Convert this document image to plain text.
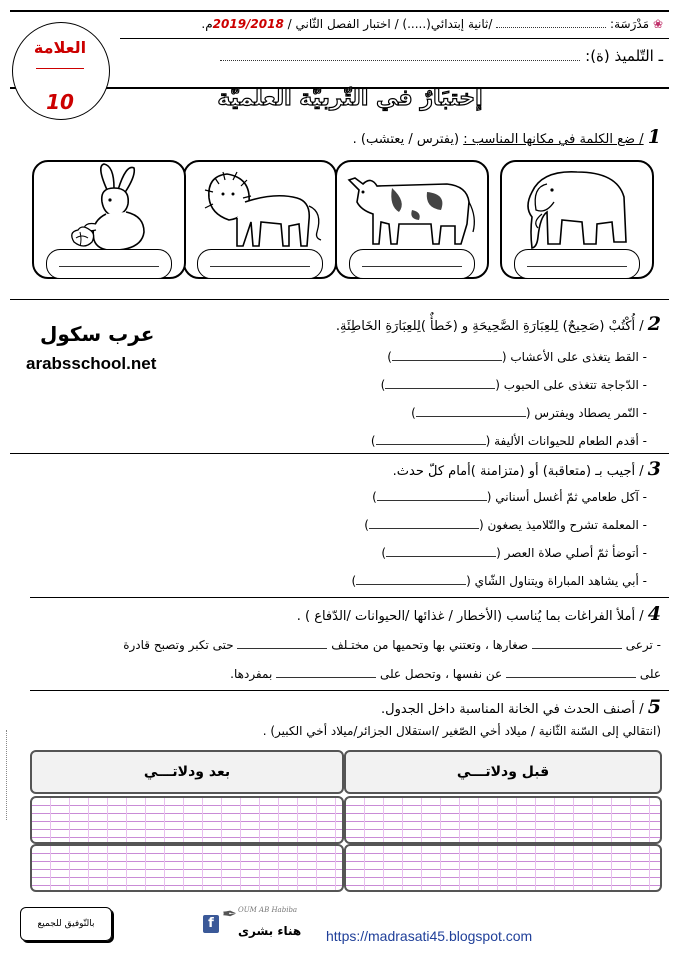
❀ مَدْرَسَة:  /ثانية إبتدائي(.....) / اختبار الفصل الثّاني / 2019/2018م.
ـ التّلميذ (ة):
العلامة
10	إختبَارٌ في التّربيّة العلميّة
1 / ضع الكلمة في مكانها المناسب : (يفترس / يعتشب) .
2 / أُكْتُبْ (صَحِيحٌ) لِلعِبَارَةِ الصَّحِيحَةِ و (خَطأٌ )لِلعِبَارَةِ الخَاطِئَةِ.
عرب سكول
arabsschool.net	- القط يتغذى على الأعشاب ()
- الدّجاجة تتغذى على الحبوب ()
- النّمر يصطاد ويفترس ()
- أقدم الطعام للحيوانات الأليفة ()
3 / أجيب بـ (متعاقبة) أو (متزامنة )أمام كلّ حدث.
- آكل طعامي ثمّ أغسل أسناني ()
- المعلمة تشرح والتّلاميذ يصغون ()
- أتوضأ ثمّ أصلي صلاة العصر ()
- أبي يشاهد المباراة ويتناول الشّاي ()
4 / أملأ الفراغات بما يُناسب (الأخطار / غذائها /الحيوانات /الدّفاع ) .
- ترعى  صغارها ، وتعتني بها وتحميها من مختـلف  حتى تكبر وتصبح قادرة
على  عن نفسها ، وتحصل على  بمفردها.
5 / أصنف الحدث في الخانة المناسبة داخل الجدول.
(انتقالي إلى السّنة الثّانية / ميلاد أخي الصّغير /استقلال الجزائر/ميلاد أخي الكبير) .
قبل ودلاتـــي
بعد ودلاتـــي
بالتّوفيق للجميع	f ✒ OUM AB Habiba
هناء بشرى https://madrasati45.blogspot.com
